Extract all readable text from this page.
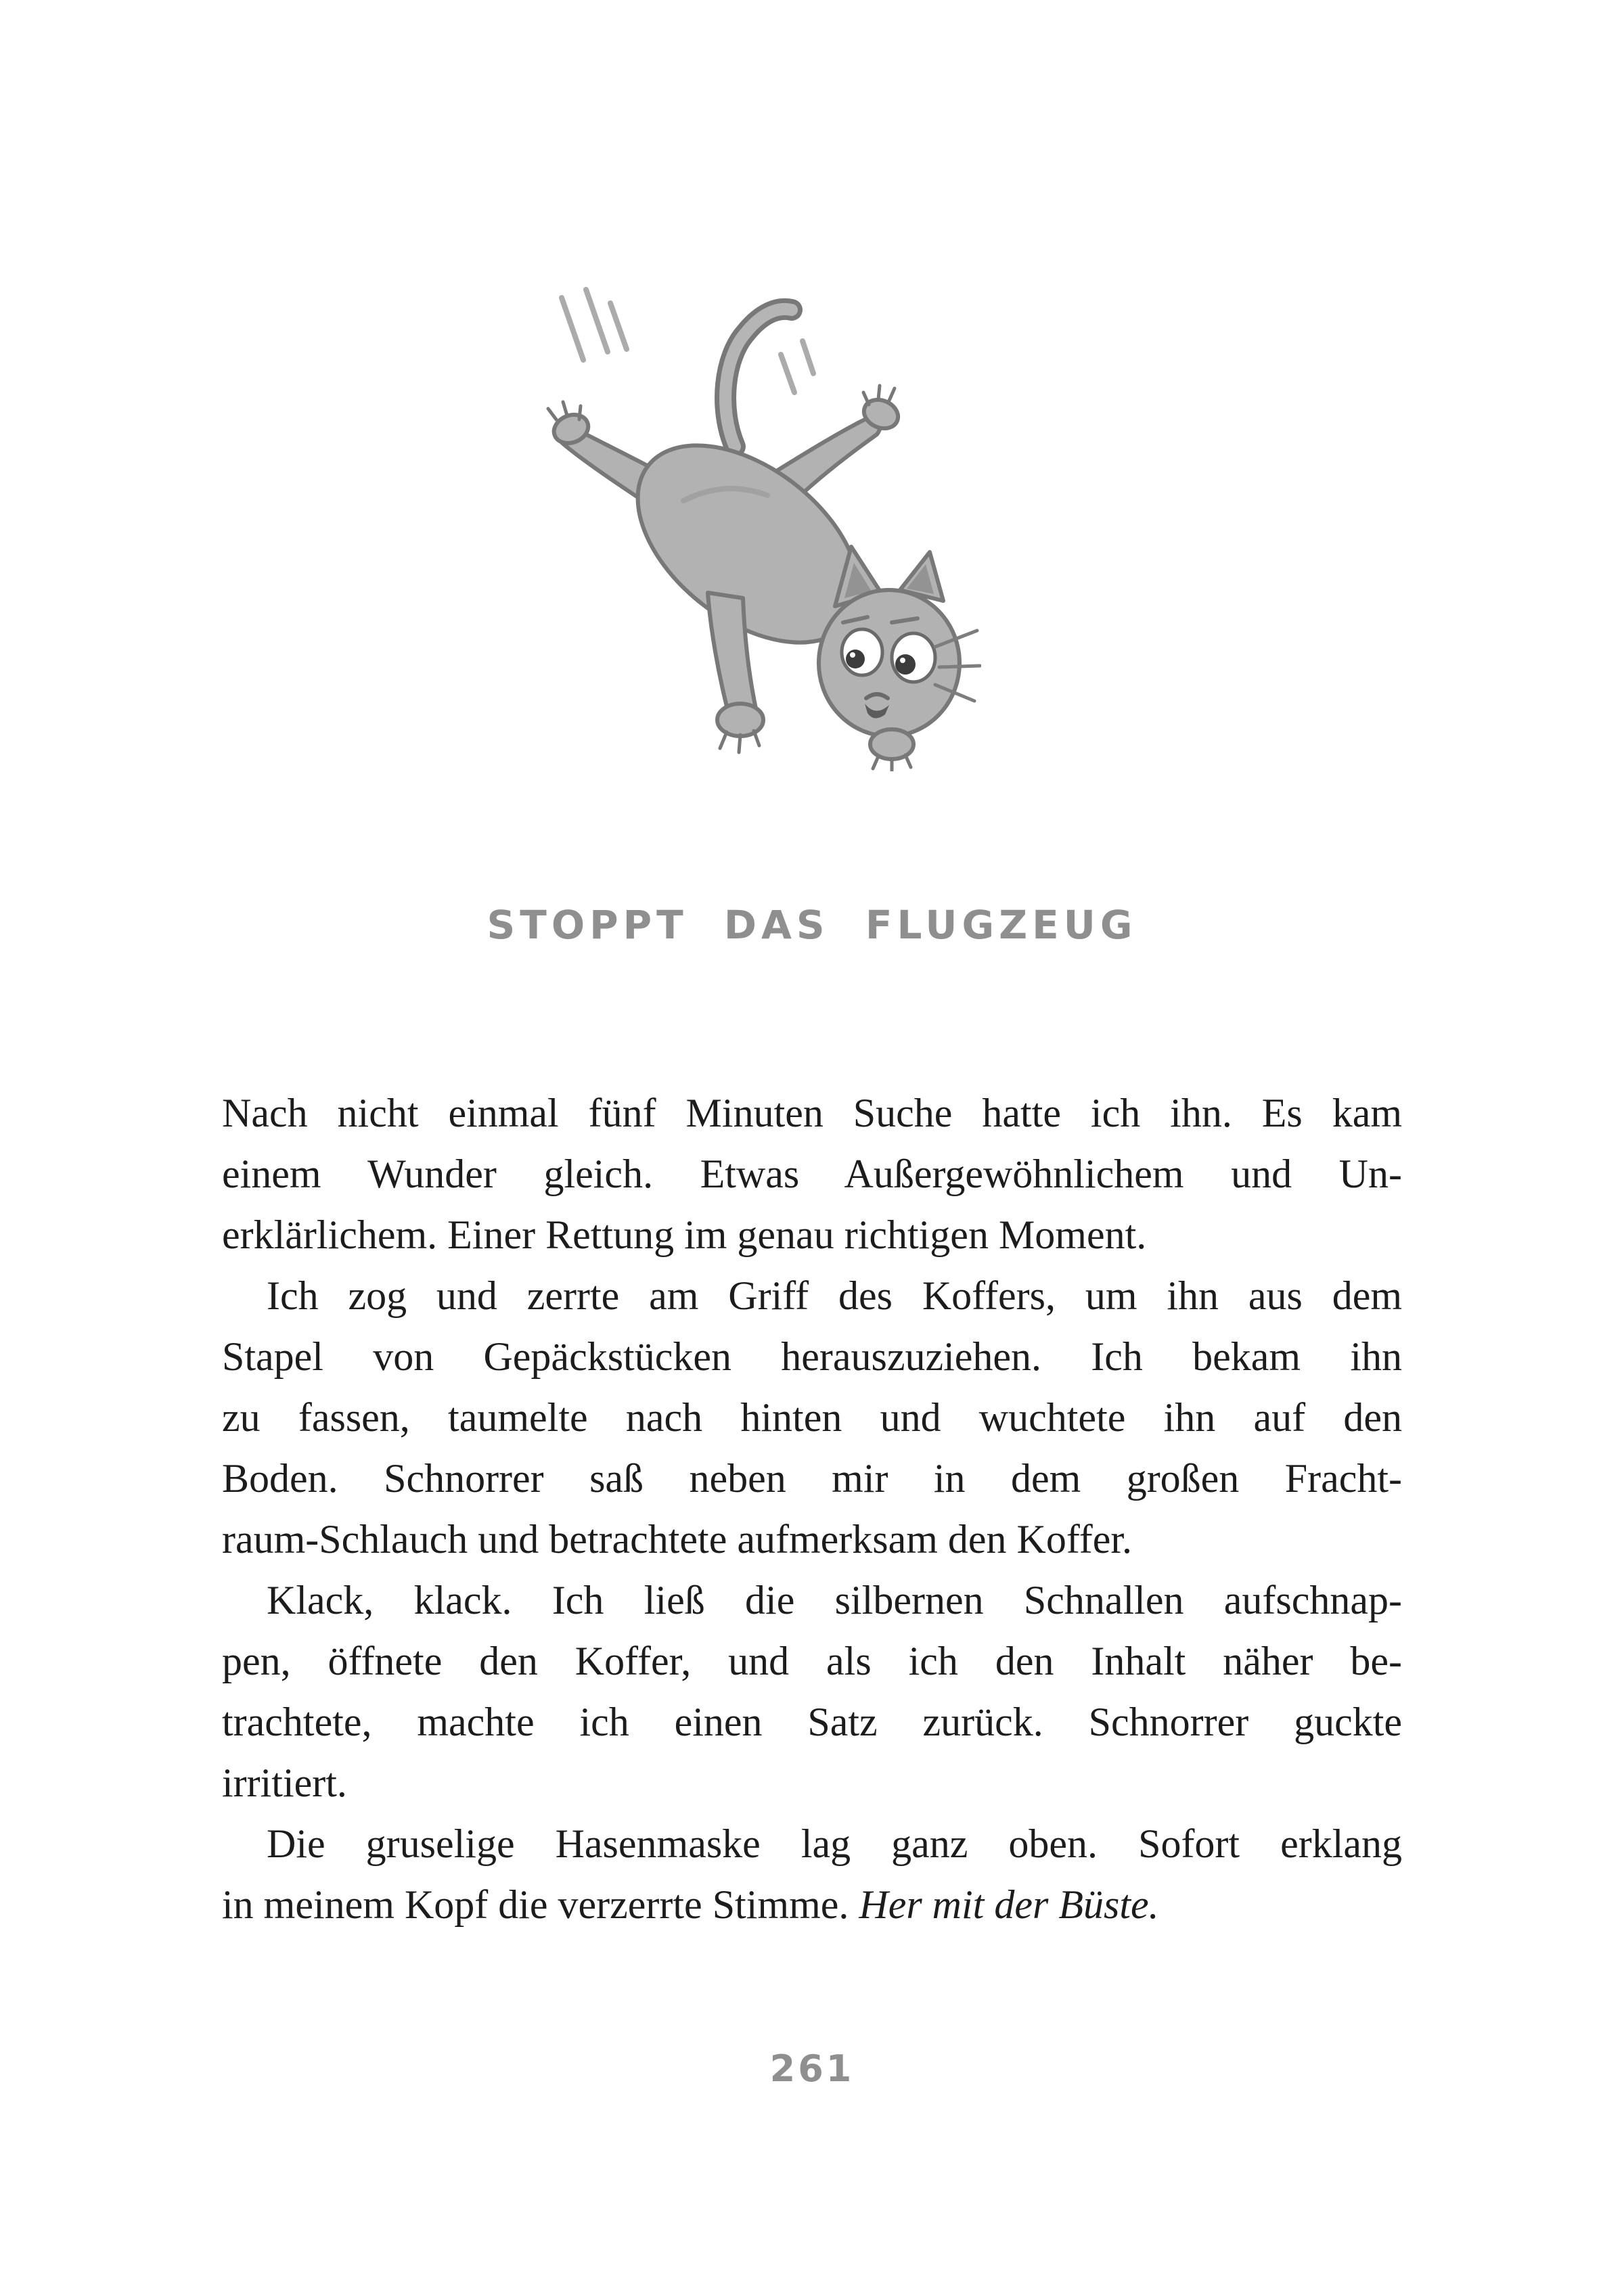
STOPPT DAS FLUGZEUG
Nach nicht einmal fünf Minuten Suche hatte ich ihn. Es kam
einem Wunder gleich. Etwas Außergewöhnlichem und Un-
erklärlichem. Einer Rettung im genau richtigen Moment.
Ich zog und zerrte am Griff des Koffers, um ihn aus dem
Stapel von Gepäckstücken herauszuziehen. Ich bekam ihn
zu fassen, taumelte nach hinten und wuchtete ihn auf den
Boden. Schnorrer saß neben mir in dem großen Fracht-
raum-Schlauch und betrachtete aufmerksam den Koffer.
Klack, klack. Ich ließ die silbernen Schnallen aufschnap-
pen, öffnete den Koffer, und als ich den Inhalt näher be-
trachtete, machte ich einen Satz zurück. Schnorrer guckte
irritiert.
Die gruselige Hasenmaske lag ganz oben. Sofort erklang
in meinem Kopf die verzerrte Stimme. Her mit der Büste.
261
